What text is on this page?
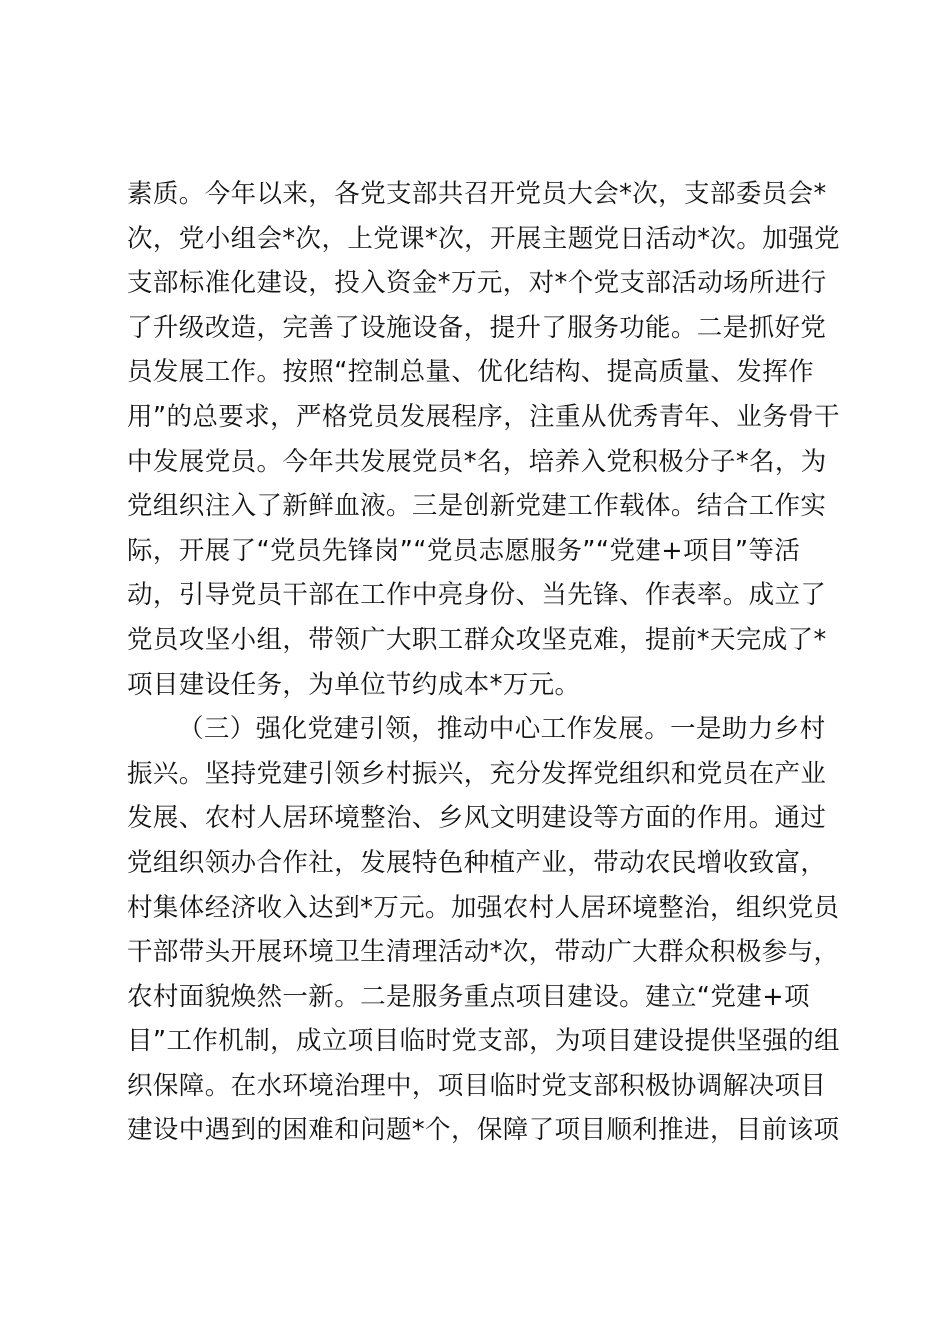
素质。今年以来，各党支部共召开党员大会*次，支部委员会*
次，党小组会*次，上党课*次，开展主题党日活动*次。加强党
支部标准化建设，投入资金*万元，对*个党支部活动场所进行
了升级改造，完善了设施设备，提升了服务功能。二是抓好党
员发展工作。按照“控制总量、优化结构、提高质量、发挥作
用”的总要求，严格党员发展程序，注重从优秀青年、业务骨干
中发展党员。今年共发展党员*名，培养入党积极分子*名，为
党组织注入了新鲜血液。三是创新党建工作载体。结合工作实
际，开展了“党员先锋岗”“党员志愿服务”“党建+项目”等活
动，引导党员干部在工作中亮身份、当先锋、作表率。成立了
党员攻坚小组，带领广大职工群众攻坚克难，提前*天完成了*
项目建设任务，为单位节约成本*万元。
（三）强化党建引领，推动中心工作发展。一是助力乡村
振兴。坚持党建引领乡村振兴，充分发挥党组织和党员在产业
发展、农村人居环境整治、乡风文明建设等方面的作用。通过
党组织领办合作社，发展特色种植产业，带动农民增收致富，
村集体经济收入达到*万元。加强农村人居环境整治，组织党员
干部带头开展环境卫生清理活动*次，带动广大群众积极参与，
农村面貌焕然一新。二是服务重点项目建设。建立“党建+项
目”工作机制，成立项目临时党支部，为项目建设提供坚强的组
织保障。在水环境治理中，项目临时党支部积极协调解决项目
建设中遇到的困难和问题*个，保障了项目顺利推进，目前该项
